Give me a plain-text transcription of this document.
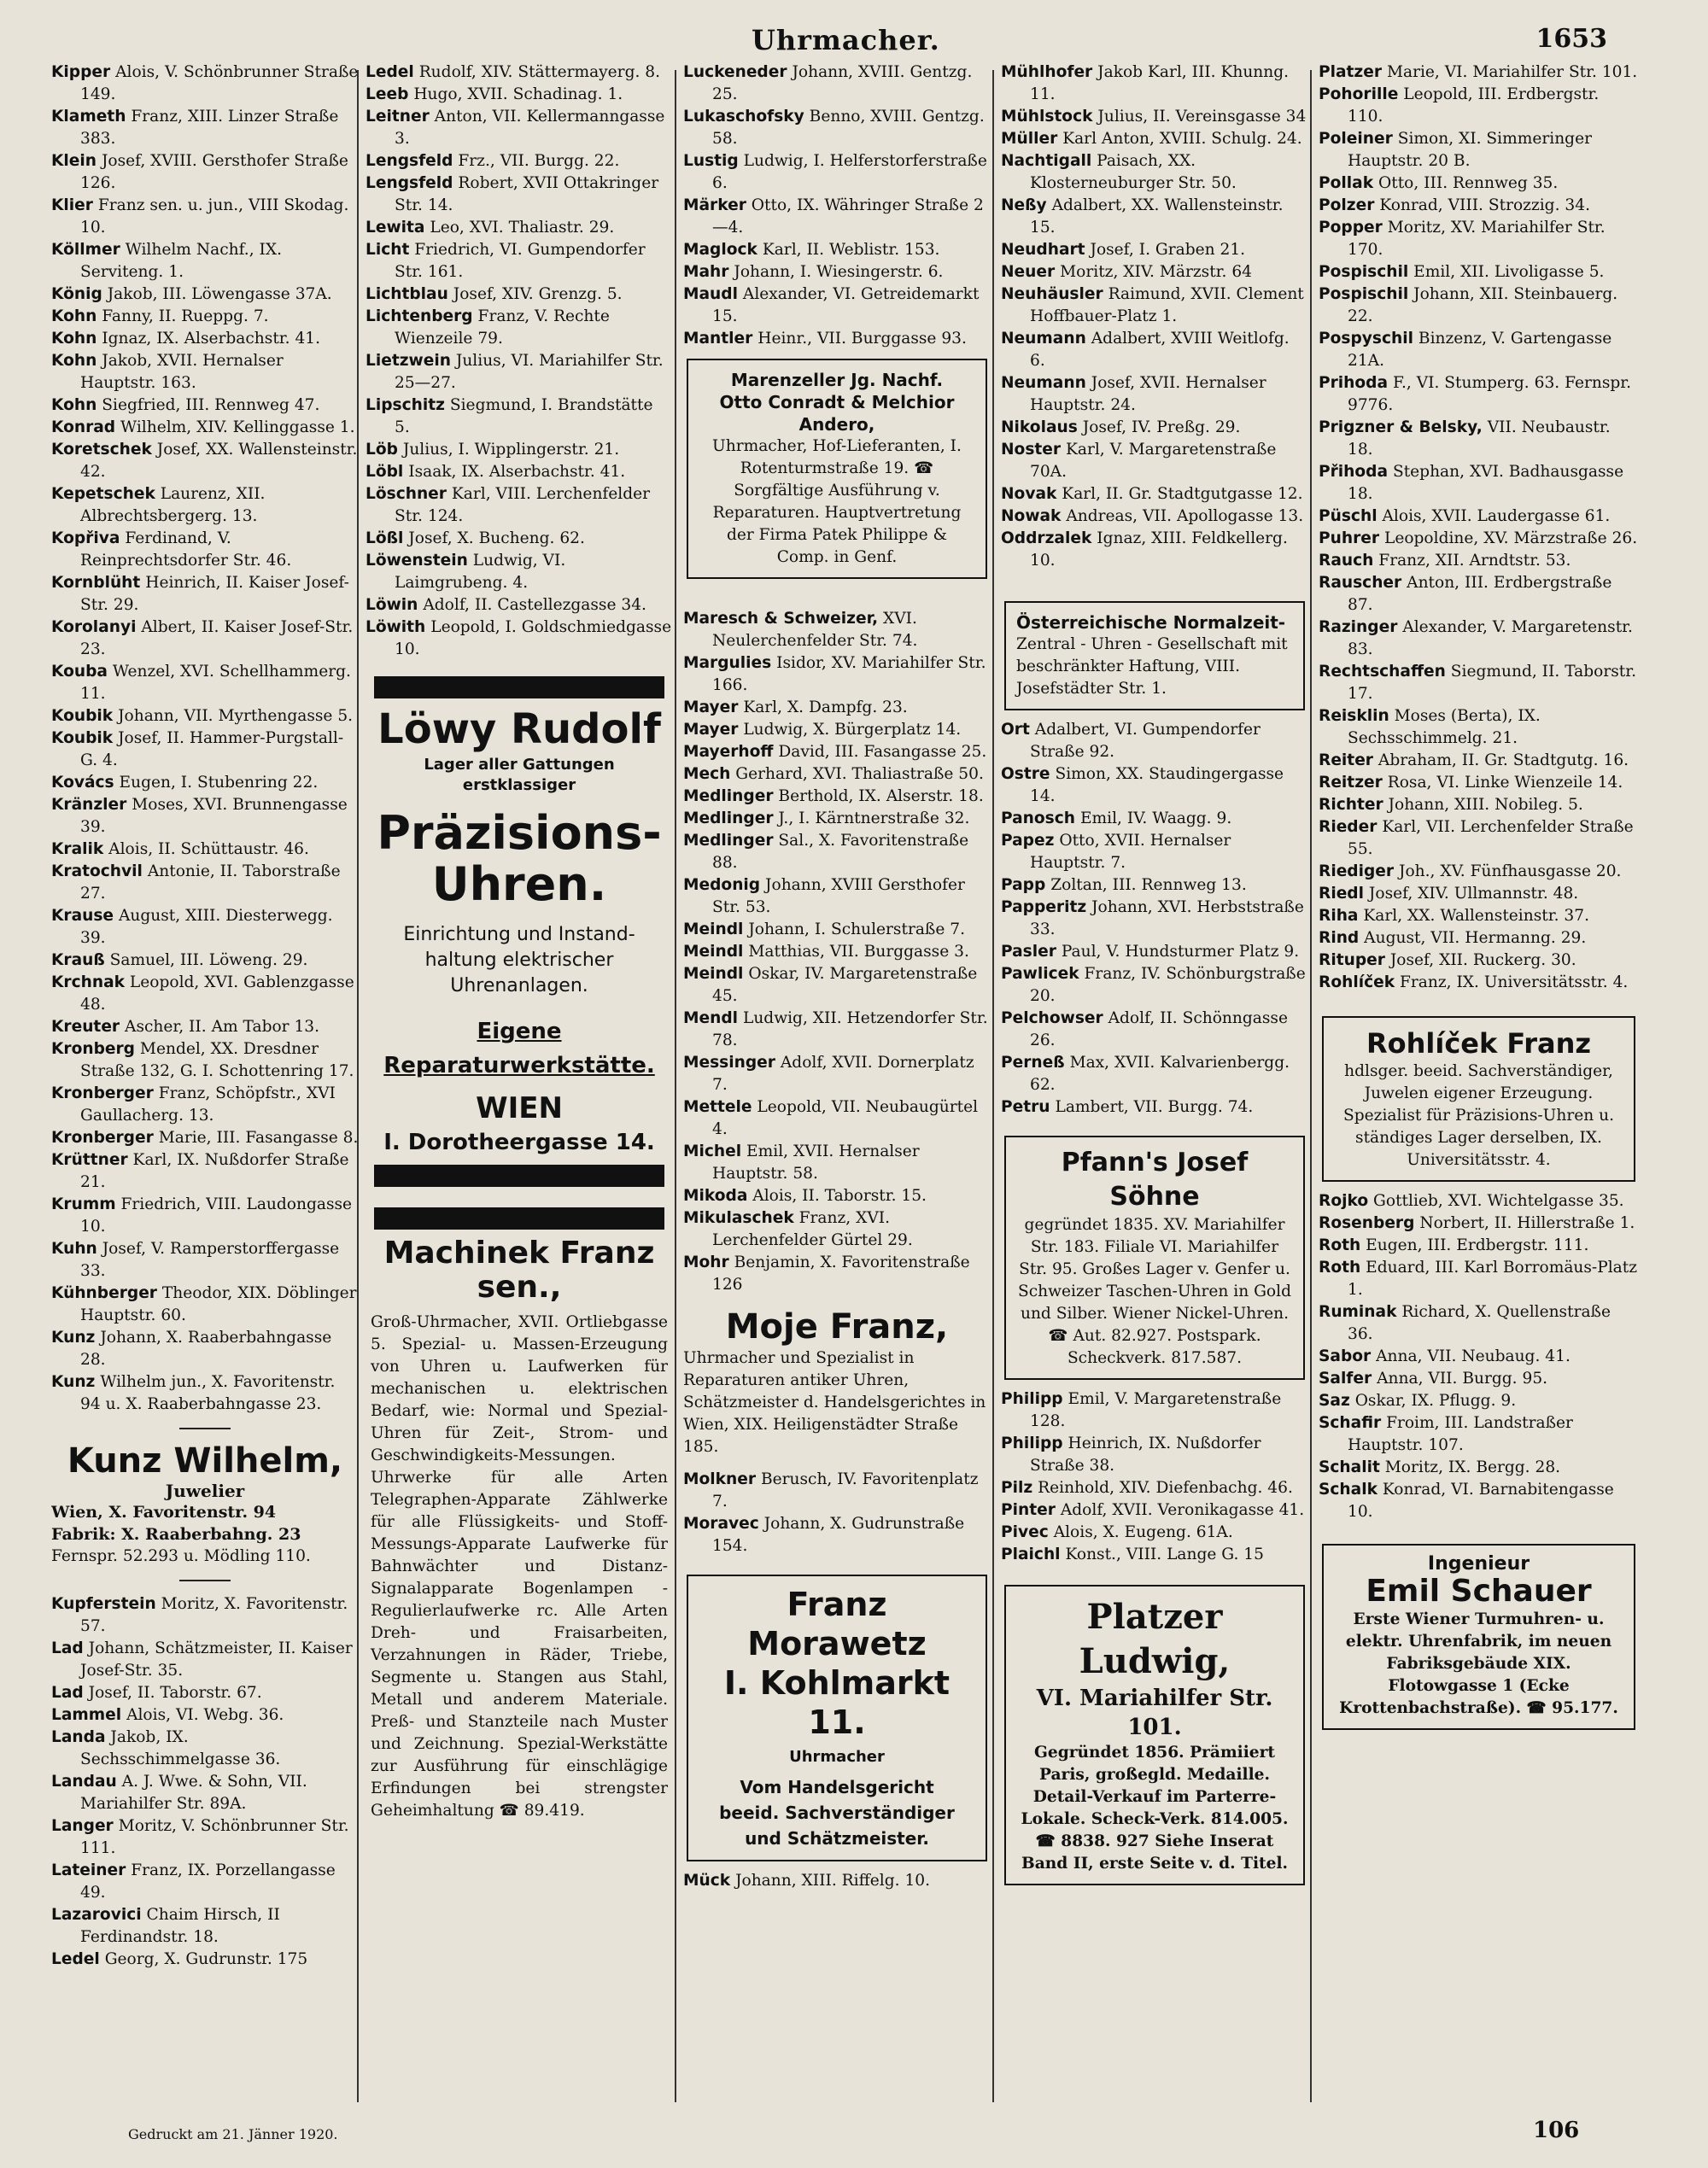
Uhrmacher.	1653

Kipper Alois, V. Schönbrunner Straße 149.

Klameth Franz, XIII. Linzer Straße 383.

Klein Josef, XVIII. Gersthofer Straße 126.

Klier Franz sen. u. jun., VIII Skodag. 10.

Köllmer Wilhelm Nachf., IX. Serviteng. 1.

König Jakob, III. Löwengasse 37A.

Kohn Fanny, II. Rueppg. 7.

Kohn Ignaz, IX. Alserbachstr. 41.

Kohn Jakob, XVII. Hernalser Hauptstr. 163.

Kohn Siegfried, III. Rennweg 47.

Konrad Wilhelm, XIV. Kellinggasse 1.

Koretschek Josef, XX. Wallensteinstr. 42.

Kepetschek Laurenz, XII. Albrechtsbergerg. 13.

Kopřiva Ferdinand, V. Reinprechtsdorfer Str. 46.

Kornblüht Heinrich, II. Kaiser Josef-Str. 29.

Korolanyi Albert, II. Kaiser Josef-Str. 23.

Kouba Wenzel, XVI. Schellhammerg. 11.

Koubik Johann, VII. Myrthengasse 5.

Koubik Josef, II. Hammer-Purgstall-G. 4.

Kovács Eugen, I. Stubenring 22.

Kränzler Moses, XVI. Brunnengasse 39.

Kralik Alois, II. Schüttaustr. 46.

Kratochvil Antonie, II. Taborstraße 27.

Krause August, XIII. Diesterwegg. 39.

Krauß Samuel, III. Löweng. 29.

Krchnak Leopold, XVI. Gablenzgasse 48.

Kreuter Ascher, II. Am Tabor 13.

Kronberg Mendel, XX. Dresdner Straße 132, G. I. Schottenring 17.

Kronberger Franz, Schöpfstr., XVI Gaullacherg. 13.

Kronberger Marie, III. Fasangasse 8.

Krüttner Karl, IX. Nußdorfer Straße 21.

Krumm Friedrich, VIII. Laudongasse 10.

Kuhn Josef, V. Ramperstorffergasse 33.

Kühnberger Theodor, XIX. Döblinger Hauptstr. 60.

Kunz Johann, X. Raaberbahngasse 28.

Kunz Wilhelm jun., X. Favoritenstr. 94 u. X. Raaberbahngasse 23.

Kunz Wilhelm,
Juwelier
Wien, X. Favoritenstr. 94
Fabrik: X. Raaberbahng. 23
Fernspr. 52.293 u. Mödling 110.

Kupferstein Moritz, X. Favoritenstr. 57.

Lad Johann, Schätzmeister, II. Kaiser Josef-Str. 35.

Lad Josef, II. Taborstr. 67.

Lammel Alois, VI. Webg. 36.

Landa Jakob, IX. Sechsschimmelgasse 36.

Landau A. J. Wwe. & Sohn, VII. Mariahilfer Str. 89A.

Langer Moritz, V. Schönbrunner Str. 111.

Lateiner Franz, IX. Porzellangasse 49.

Lazarovici Chaim Hirsch, II Ferdinandstr. 18.

Ledel Georg, X. Gudrunstr. 175

Ledel Rudolf, XIV. Stättermayerg. 8.

Leeb Hugo, XVII. Schadinag. 1.

Leitner Anton, VII. Kellermanngasse 3.

Lengsfeld Frz., VII. Burgg. 22.

Lengsfeld Robert, XVII Ottakringer Str. 14.

Lewita Leo, XVI. Thaliastr. 29.

Licht Friedrich, VI. Gumpendorfer Str. 161.

Lichtblau Josef, XIV. Grenzg. 5.

Lichtenberg Franz, V. Rechte Wienzeile 79.

Lietzwein Julius, VI. Mariahilfer Str. 25—27.

Lipschitz Siegmund, I. Brandstätte 5.

Löb Julius, I. Wipplingerstr. 21.

Löbl Isaak, IX. Alserbachstr. 41.

Löschner Karl, VIII. Lerchenfelder Str. 124.

Lößl Josef, X. Bucheng. 62.

Löwenstein Ludwig, VI. Laimgrubeng. 4.

Löwin Adolf, II. Castellezgasse 34.

Löwith Leopold, I. Goldschmiedgasse 10.

Löwy Rudolf
Lager aller Gattungen
erstklassiger
Präzisions-
Uhren.
Einrichtung und Instand-
haltung elektrischer
Uhrenanlagen.
Eigene Reparaturwerkstätte.
WIEN
I. Dorotheergasse 14.
Machinek Franz sen.,
Groß-Uhrmacher, XVII. Ortliebgasse 5. Spezial- u. Massen-Erzeugung von Uhren u. Laufwerken für mechanischen u. elektrischen Bedarf, wie: Normal und Spezial-Uhren für Zeit-, Strom- und Geschwindigkeits-Messungen. Uhrwerke für alle Arten Telegraphen-Apparate Zählwerke für alle Flüssigkeits- und Stoff-Messungs-Apparate Laufwerke für Bahnwächter und Distanz-Signalapparate Bogenlampen - Regulierlaufwerke rc. Alle Arten Dreh- und Fraisarbeiten, Verzahnungen in Räder, Triebe, Segmente u. Stangen aus Stahl, Metall und anderem Materiale. Preß- und Stanzteile nach Muster und Zeichnung. Spezial-Werkstätte zur Ausführung für einschlägige Erfindungen bei strengster Geheimhaltung ☎ 89.419.

Luckeneder Johann, XVIII. Gentzg. 25.

Lukaschofsky Benno, XVIII. Gentzg. 58.

Lustig Ludwig, I. Helferstorferstraße 6.

Märker Otto, IX. Währinger Straße 2—4.

Maglock Karl, II. Weblistr. 153.

Mahr Johann, I. Wiesingerstr. 6.

Maudl Alexander, VI. Getreidemarkt 15.

Mantler Heinr., VII. Burggasse 93.

Marenzeller Jg. Nachf.
Otto Conradt & Melchior Andero,
Uhrmacher, Hof-Lieferanten, I. Rotenturmstraße 19. ☎ Sorgfältige Ausführung v. Reparaturen. Hauptvertretung der Firma Patek Philippe & Comp. in Genf.

Maresch & Schweizer, XVI. Neulerchenfelder Str. 74.

Margulies Isidor, XV. Mariahilfer Str. 166.

Mayer Karl, X. Dampfg. 23.

Mayer Ludwig, X. Bürgerplatz 14.

Mayerhoff David, III. Fasangasse 25.

Mech Gerhard, XVI. Thaliastraße 50.

Medlinger Berthold, IX. Alserstr. 18.

Medlinger J., I. Kärntnerstraße 32.

Medlinger Sal., X. Favoritenstraße 88.

Medonig Johann, XVIII Gersthofer Str. 53.

Meindl Johann, I. Schulerstraße 7.

Meindl Matthias, VII. Burggasse 3.

Meindl Oskar, IV. Margaretenstraße 45.

Mendl Ludwig, XII. Hetzendorfer Str. 78.

Messinger Adolf, XVII. Dornerplatz 7.

Mettele Leopold, VII. Neubaugürtel 4.

Michel Emil, XVII. Hernalser Hauptstr. 58.

Mikoda Alois, II. Taborstr. 15.

Mikulaschek Franz, XVI. Lerchenfelder Gürtel 29.

Mohr Benjamin, X. Favoritenstraße 126

Moje Franz,
Uhrmacher und Spezialist in Reparaturen antiker Uhren, Schätzmeister d. Handelsgerichtes in Wien, XIX. Heiligenstädter Straße 185.

Molkner Berusch, IV. Favoritenplatz 7.

Moravec Johann, X. Gudrunstraße 154.

Franz Morawetz
I. Kohlmarkt 11.
Uhrmacher
Vom Handelsgericht
beeid. Sachverständiger
und Schätzmeister.

Mück Johann, XIII. Riffelg. 10.

Mühlhofer Jakob Karl, III. Khunng. 11.

Mühlstock Julius, II. Vereinsgasse 34

Müller Karl Anton, XVIII. Schulg. 24.

Nachtigall Paisach, XX. Klosterneuburger Str. 50.

Neßy Adalbert, XX. Wallensteinstr. 15.

Neudhart Josef, I. Graben 21.

Neuer Moritz, XIV. Märzstr. 64

Neuhäusler Raimund, XVII. Clement Hoffbauer-Platz 1.

Neumann Adalbert, XVIII Weitlofg. 6.

Neumann Josef, XVII. Hernalser Hauptstr. 24.

Nikolaus Josef, IV. Preßg. 29.

Noster Karl, V. Margaretenstraße 70A.

Novak Karl, II. Gr. Stadtgutgasse 12.

Nowak Andreas, VII. Apollogasse 13.

Oddrzalek Ignaz, XIII. Feldkellerg. 10.

Österreichische Normalzeit-
Zentral - Uhren - Gesellschaft mit beschränkter Haftung, VIII. Josefstädter Str. 1.

Ort Adalbert, VI. Gumpendorfer Straße 92.

Ostre Simon, XX. Staudingergasse 14.

Panosch Emil, IV. Waagg. 9.

Papez Otto, XVII. Hernalser Hauptstr. 7.

Papp Zoltan, III. Rennweg 13.

Papperitz Johann, XVI. Herbststraße 33.

Pasler Paul, V. Hundsturmer Platz 9.

Pawlicek Franz, IV. Schönburgstraße 20.

Pelchowser Adolf, II. Schönngasse 26.

Perneß Max, XVII. Kalvarienbergg. 62.

Petru Lambert, VII. Burgg. 74.

Pfann's Josef Söhne
gegründet 1835. XV. Mariahilfer Str. 183. Filiale VI. Mariahilfer Str. 95. Großes Lager v. Genfer u. Schweizer Taschen-Uhren in Gold und Silber. Wiener Nickel-Uhren. ☎ Aut. 82.927. Postspark. Scheckverk. 817.587.

Philipp Emil, V. Margaretenstraße 128.

Philipp Heinrich, IX. Nußdorfer Straße 38.

Pilz Reinhold, XIV. Diefenbachg. 46.

Pinter Adolf, XVII. Veronikagasse 41.

Pivec Alois, X. Eugeng. 61A.

Plaichl Konst., VIII. Lange G. 15

Platzer Ludwig,
VI. Mariahilfer Str. 101.
Gegründet 1856. Prämiiert Paris, großegld. Medaille. Detail-Verkauf im Parterre-Lokale. Scheck-Verk. 814.005. ☎ 8838. 927 Siehe Inserat Band II, erste Seite v. d. Titel.

Platzer Marie, VI. Mariahilfer Str. 101.

Pohorille Leopold, III. Erdbergstr. 110.

Poleiner Simon, XI. Simmeringer Hauptstr. 20 B.

Pollak Otto, III. Rennweg 35.

Polzer Konrad, VIII. Strozzig. 34.

Popper Moritz, XV. Mariahilfer Str. 170.

Pospischil Emil, XII. Livoligasse 5.

Pospischil Johann, XII. Steinbauerg. 22.

Pospyschil Binzenz, V. Gartengasse 21A.

Prihoda F., VI. Stumperg. 63. Fernspr. 9776.

Prigzner & Belsky, VII. Neubaustr. 18.

Přihoda Stephan, XVI. Badhausgasse 18.

Püschl Alois, XVII. Laudergasse 61.

Puhrer Leopoldine, XV. Märzstraße 26.

Rauch Franz, XII. Arndtstr. 53.

Rauscher Anton, III. Erdbergstraße 87.

Razinger Alexander, V. Margaretenstr. 83.

Rechtschaffen Siegmund, II. Taborstr. 17.

Reisklin Moses (Berta), IX. Sechsschimmelg. 21.

Reiter Abraham, II. Gr. Stadtgutg. 16.

Reitzer Rosa, VI. Linke Wienzeile 14.

Richter Johann, XIII. Nobileg. 5.

Rieder Karl, VII. Lerchenfelder Straße 55.

Riediger Joh., XV. Fünfhausgasse 20.

Riedl Josef, XIV. Ullmannstr. 48.

Riha Karl, XX. Wallensteinstr. 37.

Rind August, VII. Hermanng. 29.

Rituper Josef, XII. Ruckerg. 30.

Rohlíček Franz, IX. Universitätsstr. 4.

Rohlíček Franz
hdlsger. beeid. Sachverständiger, Juwelen eigener Erzeugung. Spezialist für Präzisions-Uhren u. ständiges Lager derselben, IX. Universitätsstr. 4.

Rojko Gottlieb, XVI. Wichtelgasse 35.

Rosenberg Norbert, II. Hillerstraße 1.

Roth Eugen, III. Erdbergstr. 111.

Roth Eduard, III. Karl Borromäus-Platz 1.

Ruminak Richard, X. Quellenstraße 36.

Sabor Anna, VII. Neubaug. 41.

Salfer Anna, VII. Burgg. 95.

Saz Oskar, IX. Pflugg. 9.

Schafir Froim, III. Landstraßer Hauptstr. 107.

Schalit Moritz, IX. Bergg. 28.

Schalk Konrad, VI. Barnabitengasse 10.

Ingenieur
Emil Schauer
Erste Wiener Turmuhren- u. elektr. Uhrenfabrik, im neuen Fabriksgebäude XIX. Flotowgasse 1 (Ecke Krottenbachstraße). ☎ 95.177.
Gedruckt am 21. Jänner 1920.	106
